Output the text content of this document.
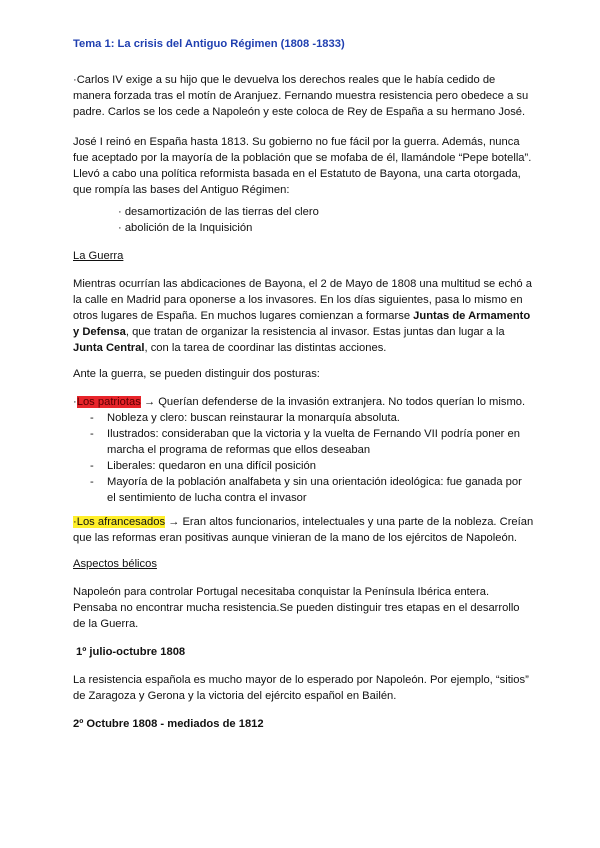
Tema 1: La crisis del Antiguo Régimen (1808 -1833)
·Carlos IV exige a su hijo que le devuelva los derechos reales que le había cedido de
manera forzada tras el motín de Aranjuez. Fernando muestra resistencia pero obedece a su
padre. Carlos se los cede a Napoleón y este coloca de Rey de España a su hermano José.
José I reinó en España hasta 1813. Su gobierno no fue fácil por la guerra. Además, nunca
fue aceptado por la mayoría de la población que se mofaba de él, llamándole “Pepe botella”.
Llevó a cabo una política reformista basada en el Estatuto de Bayona, una carta otorgada,
que rompía las bases del Antiguo Régimen:
· desamortización de las tierras del clero
· abolición de la Inquisición
La Guerra
Mientras ocurrían las abdicaciones de Bayona, el 2 de Mayo de 1808 una multitud se echó a
la calle en Madrid para oponerse a los invasores. En los días siguientes, pasa lo mismo en
otros lugares de España. En muchos lugares comienzan a formarse Juntas de Armamento
y Defensa, que tratan de organizar la resistencia al invasor. Estas juntas dan lugar a la
Junta Central, con la tarea de coordinar las distintas acciones.
Ante la guerra, se pueden distinguir dos posturas:
·Los patriotas → Querían defenderse de la invasión extranjera. No todos querían lo mismo.
- Nobleza y clero: buscan reinstaurar la monarquía absoluta.
- Ilustrados: consideraban que la victoria y la vuelta de Fernando VII podría poner en
marcha el programa de reformas que ellos deseaban
- Liberales: quedaron en una difícil posición
- Mayoría de la población analfabeta y sin una orientación ideológica: fue ganada por
el sentimiento de lucha contra el invasor
·Los afrancesados → Eran altos funcionarios, intelectuales y una parte de la nobleza. Creían
que las reformas eran positivas aunque vinieran de la mano de los ejércitos de Napoleón.
Aspectos bélicos
Napoleón para controlar Portugal necesitaba conquistar la Península Ibérica entera.
Pensaba no encontrar mucha resistencia.Se pueden distinguir tres etapas en el desarrollo
de la Guerra.
1º julio-octubre 1808
La resistencia española es mucho mayor de lo esperado por Napoleón. Por ejemplo, “sitios”
de Zaragoza y Gerona y la victoria del ejército español en Bailén.
2º Octubre 1808 - mediados de 1812
